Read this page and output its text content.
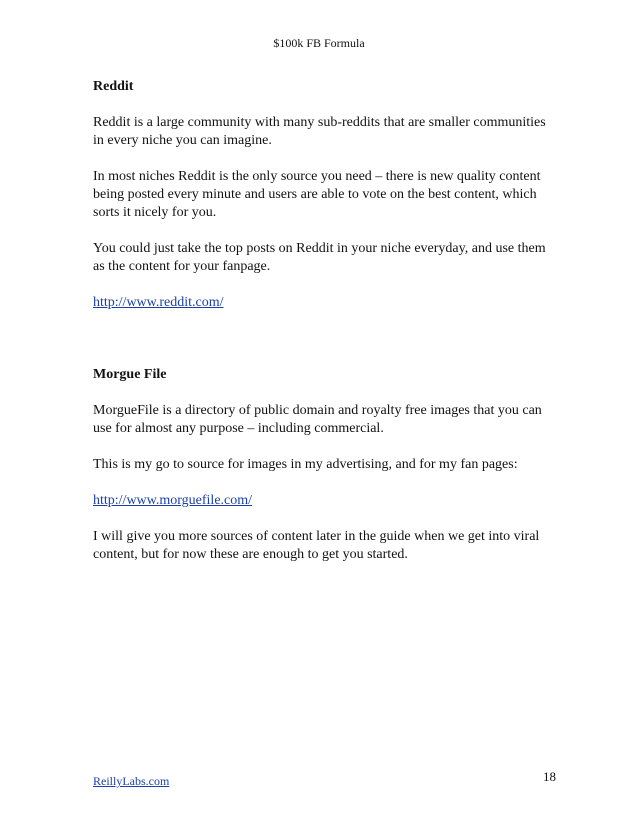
$100k FB Formula
Reddit

Reddit is a large community with many sub-reddits that are smaller communities in every niche you can imagine.

In most niches Reddit is the only source you need – there is new quality content being posted every minute and users are able to vote on the best content, which sorts it nicely for you.

You could just take the top posts on Reddit in your niche everyday, and use them as the content for your fanpage.

http://www.reddit.com/

Morgue File

MorgueFile is a directory of public domain and royalty free images that you can use for almost any purpose – including commercial.

This is my go to source for images in my advertising, and for my fan pages:

http://www.morguefile.com/

I will give you more sources of content later in the guide when we get into viral content, but for now these are enough to get you started.

ReillyLabs.com	18
